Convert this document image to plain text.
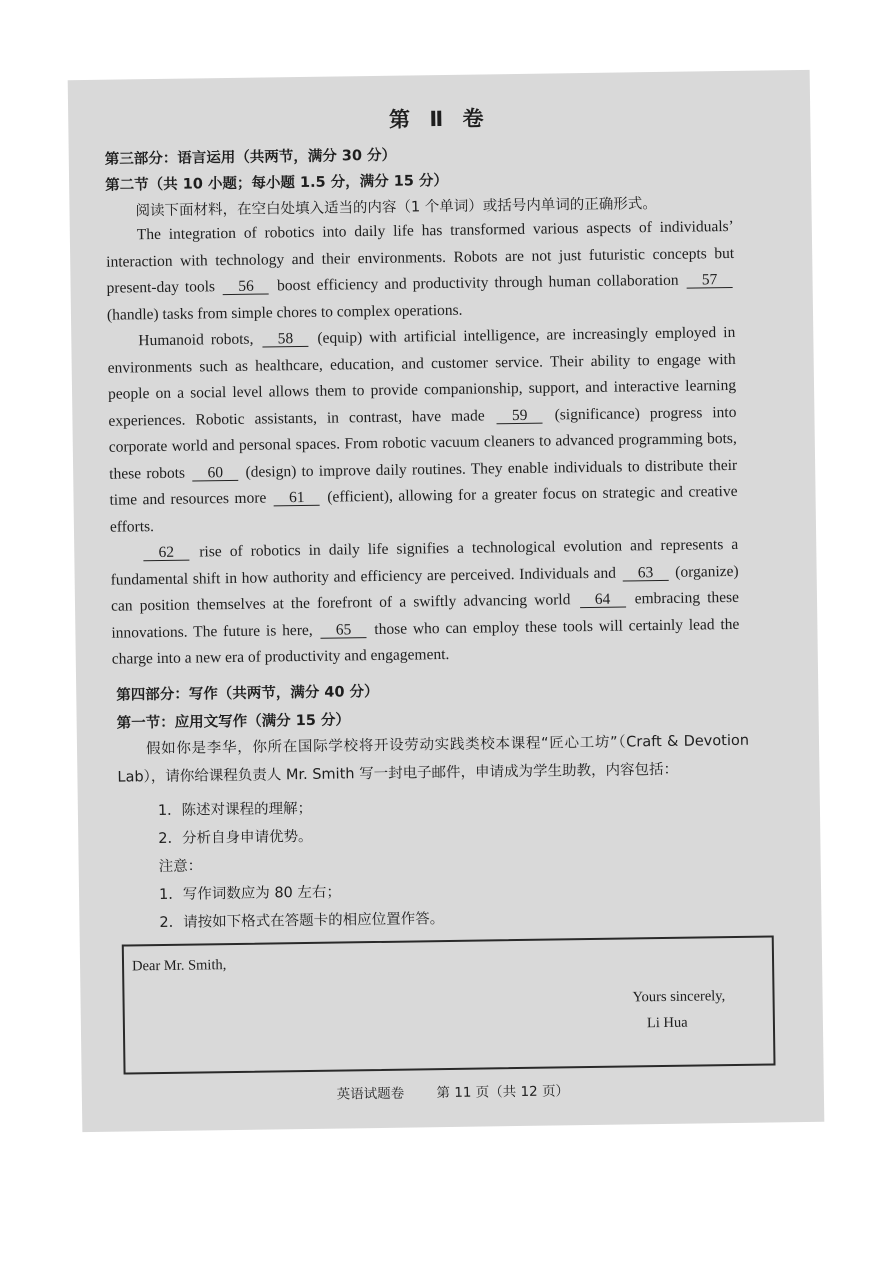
第 Ⅱ 卷
第三部分：语言运用（共两节，满分 30 分）
第二节（共 10 小题；每小题 1.5 分，满分 15 分）
阅读下面材料，在空白处填入适当的内容（1 个单词）或括号内单词的正确形式。

The integration of robotics into daily life has transformed various aspects of individuals’ interaction with technology and their environments. Robots are not just futuristic concepts but present-day tools 56 boost efficiency and productivity through human collaboration 57 (handle) tasks from simple chores to complex operations.

Humanoid robots, 58 (equip) with artificial intelligence, are increasingly employed in environments such as healthcare, education, and customer service. Their ability to engage with people on a social level allows them to provide companionship, support, and interactive learning experiences. Robotic assistants, in contrast, have made 59 (significance) progress into corporate world and personal spaces. From robotic vacuum cleaners to advanced programming bots, these robots 60 (design) to improve daily routines. They enable individuals to distribute their time and resources more 61 (efficient), allowing for a greater focus on strategic and creative efforts.

62 rise of robotics in daily life signifies a technological evolution and represents a fundamental shift in how authority and efficiency are perceived. Individuals and 63 (organize) can position themselves at the forefront of a swiftly advancing world 64 embracing these innovations. The future is here, 65 those who can employ these tools will certainly lead the charge into a new era of productivity and engagement.

第四部分：写作（共两节，满分 40 分）
第一节：应用文写作（满分 15 分）
假如你是李华，你所在国际学校将开设劳动实践类校本课程“匠心工坊”（Craft & Devotion Lab），请你给课程负责人 Mr. Smith 写一封电子邮件，申请成为学生助教，内容包括：
1．陈述对课程的理解；
2．分析自身申请优势。
注意：
1．写作词数应为 80 左右；
2．请按如下格式在答题卡的相应位置作答。
Dear Mr. Smith,
Yours sincerely,
Li Hua
英语试题卷 第 11 页（共 12 页）
